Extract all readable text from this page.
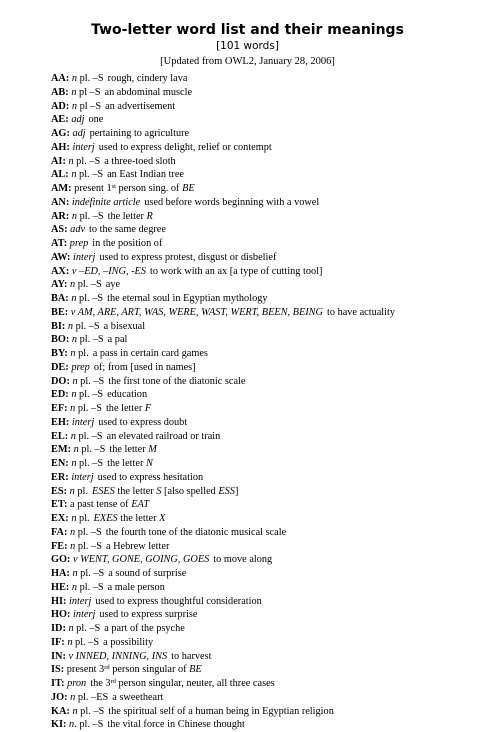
Two-letter word list and their meanings
[101 words]
[Updated from OWL2, January 28, 2006]
AA: n pl. –S rough, cindery lava
AB: n pl –S an abdominal muscle
AD: n pl –S an advertisement
AE: adj one
AG: adj pertaining to agriculture
AH: interj used to express delight, relief or contempt
AI: n pl. –S a three-toed sloth
AL: n pl. –S an East Indian tree
AM: present 1st person sing. of BE
AN: indefinite article used before words beginning with a vowel
AR: n pl. –S the letter R
AS: adv to the same degree
AT: prep in the position of
AW: interj used to express protest, disgust or disbelief
AX: v –ED, –ING, -ES to work with an ax [a type of cutting tool]
AY: n pl. –S aye
BA: n pl. –S the eternal soul in Egyptian mythology
BE: v AM, ARE, ART, WAS, WERE, WAST, WERT, BEEN, BEING to have actuality
BI: n pl. –S a bisexual
BO: n pl. –S a pal
BY: n pl. a pass in certain card games
DE: prep of; from [used in names]
DO: n pl. –S the first tone of the diatonic scale
ED: n pl. –S education
EF: n pl. –S the letter F
EH: interj used to express doubt
EL: n pl. –S an elevated railroad or train
EM: n pl. –S the letter M
EN: n pl. –S the letter N
ER: interj used to express hesitation
ES: n pl. ESES the letter S [also spelled ESS]
ET: a past tense of EAT
EX: n pl. EXES the letter X
FA: n pl. –S the fourth tone of the diatonic musical scale
FE: n pl. –S a Hebrew letter
GO: v WENT, GONE, GOING, GOES to move along
HA: n pl. –S a sound of surprise
HE: n pl. –S a male person
HI: interj used to express thoughtful consideration
HO: interj used to express surprise
ID: n pl. –S a part of the psyche
IF: n pl. –S a possibility
IN: v INNED, INNING, INS to harvest
IS: present 3rd person singular of BE
IT: pron the 3rd person singular, neuter, all three cases
JO: n pl. –ES a sweetheart
KA: n pl. –S the spiritual self of a human being in Egyptian religion
KI: n. pl. –S the vital force in Chinese thought
